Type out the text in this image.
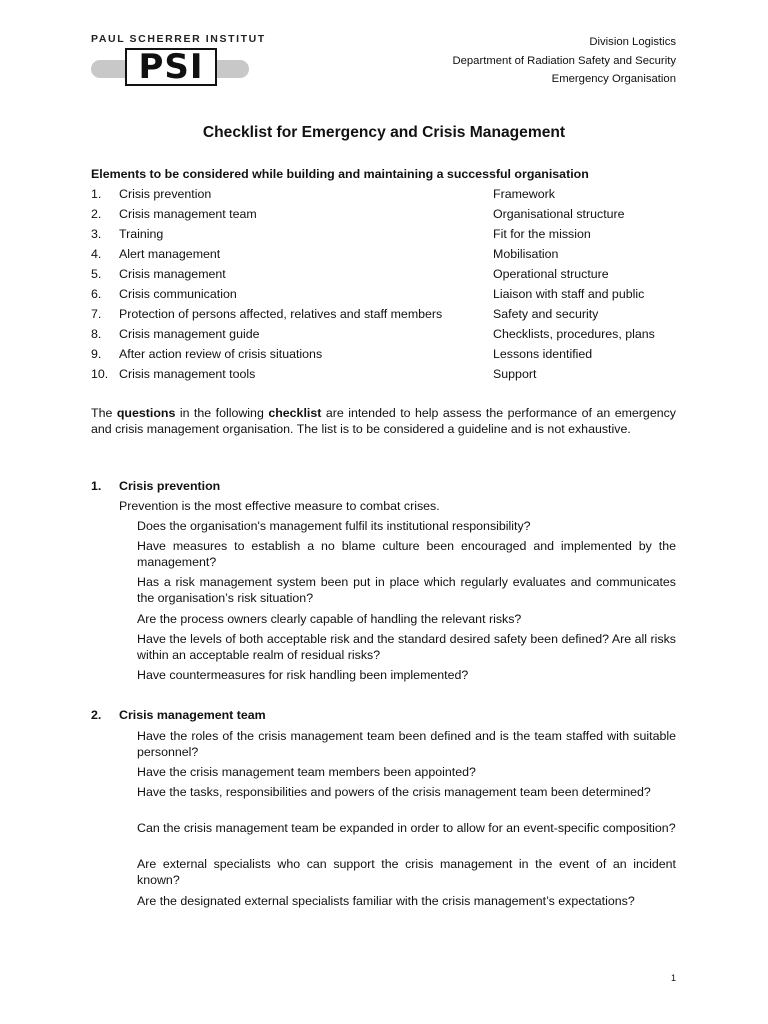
PAUL SCHERRER INSTITUT
PSI
Division Logistics
Department of Radiation Safety and Security
Emergency Organisation
Checklist for Emergency and Crisis Management
Elements to be considered while building and maintaining a successful organisation
1. Crisis prevention	Framework
2. Crisis management team	Organisational structure
3. Training	Fit for the mission
4. Alert management	Mobilisation
5. Crisis management	Operational structure
6. Crisis communication	Liaison with staff and public
7. Protection of persons affected, relatives and staff members	Safety and security
8. Crisis management guide	Checklists, procedures, plans
9. After action review of crisis situations	Lessons identified
10. Crisis management tools	Support
The questions in the following checklist are intended to help assess the performance of an emergency and crisis management organisation. The list is to be considered a guideline and is not exhaustive.
1. Crisis prevention
Prevention is the most effective measure to combat crises.
Does the organisation's management fulfil its institutional responsibility?
Have measures to establish a no blame culture been encouraged and implemented by the management?
Has a risk management system been put in place which regularly evaluates and communicates the organisation’s risk situation?
Are the process owners clearly capable of handling the relevant risks?
Have the levels of both acceptable risk and the standard desired safety been defined? Are all risks within an acceptable realm of residual risks?
Have countermeasures for risk handling been implemented?
2. Crisis management team
Have the roles of the crisis management team been defined and is the team staffed with suitable personnel?
Have the crisis management team members been appointed?
Have the tasks, responsibilities and powers of the crisis management team been determined?
Can the crisis management team be expanded in order to allow for an event-specific composition?
Are external specialists who can support the crisis management in the event of an incident known?
Are the designated external specialists familiar with the crisis management’s expectations?
1
